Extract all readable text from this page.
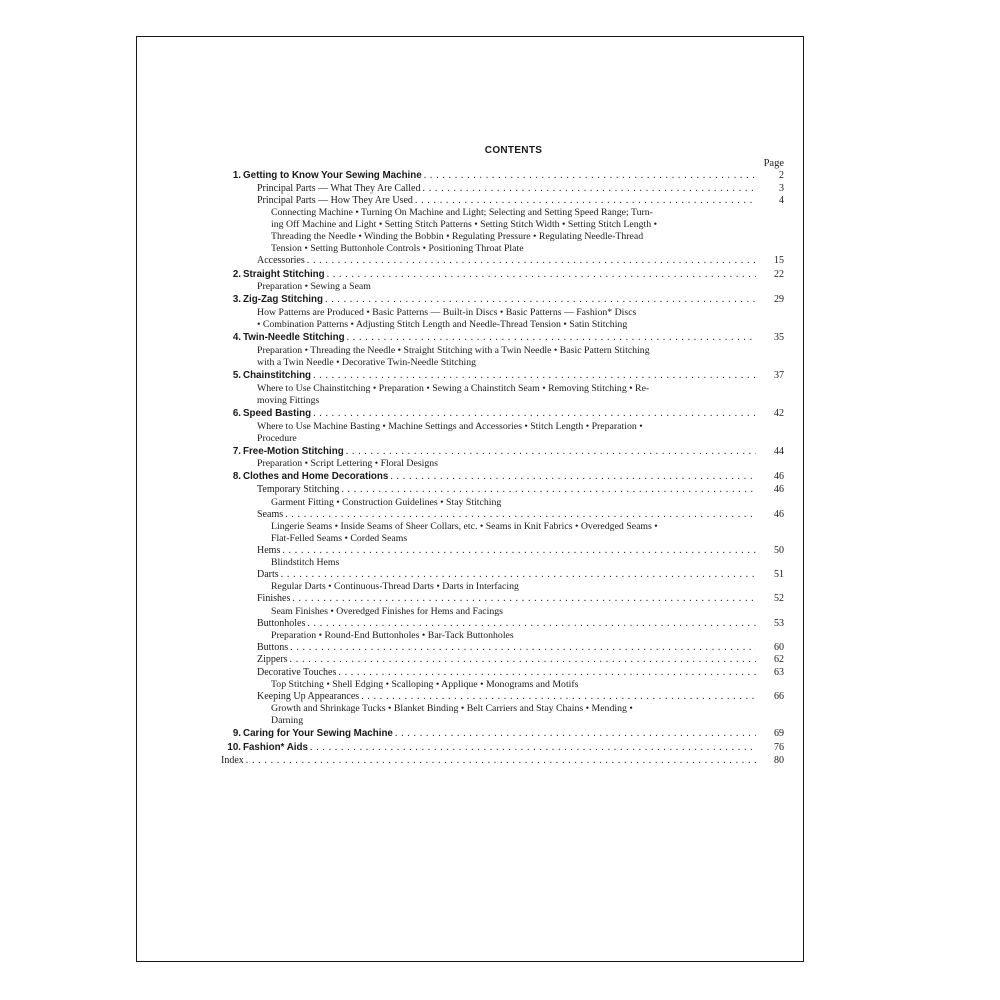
CONTENTS
Page
1. Getting to Know Your Sewing Machine . . .	2
Principal Parts — What They Are Called . . .	3
Principal Parts — How They Are Used . . .	4
Connecting Machine • Turning On Machine and Light; Selecting and Setting Speed Range; Turn-
ing Off Machine and Light • Setting Stitch Patterns • Setting Stitch Width • Setting Stitch Length •
Threading the Needle • Winding the Bobbin • Regulating Pressure • Regulating Needle-Thread
Tension • Setting Buttonhole Controls • Positioning Throat Plate
Accessories . . .	15
2. Straight Stitching . . .	22
Preparation • Sewing a Seam
3. Zig-Zag Stitching . . .	29
How Patterns are Produced • Basic Patterns — Built-in Discs • Basic Patterns — Fashion* Discs
• Combination Patterns • Adjusting Stitch Length and Needle-Thread Tension • Satin Stitching
4. Twin-Needle Stitching . . .	35
Preparation • Threading the Needle • Straight Stitching with a Twin Needle • Basic Pattern Stitching
with a Twin Needle • Decorative Twin-Needle Stitching
5. Chainstitching . . .	37
Where to Use Chainstitching • Preparation • Sewing a Chainstitch Seam • Removing Stitching • Re-
moving Fittings
6. Speed Basting . . .	42
Where to Use Machine Basting • Machine Settings and Accessories • Stitch Length • Preparation •
Procedure
7. Free-Motion Stitching . . .	44
Preparation • Script Lettering • Floral Designs
8. Clothes and Home Decorations . . .	46
Temporary Stitching . . .	46
Garment Fitting • Construction Guidelines • Stay Stitching
Seams . . .	46
Lingerie Seams • Inside Seams of Sheer Collars, etc. • Seams in Knit Fabrics • Overedged Seams •
Flat-Felled Seams • Corded Seams
Hems . . .	50
Blindstitch Hems
Darts . . .	51
Regular Darts • Continuous-Thread Darts • Darts in Interfacing
Finishes . . .	52
Seam Finishes • Overedged Finishes for Hems and Facings
Buttonholes . . .	53
Preparation • Round-End Buttonholes • Bar-Tack Buttonholes
Buttons . . .	60
Zippers . . .	62
Decorative Touches . . .	63
Top Stitching • Shell Edging • Scalloping • Applique • Monograms and Motifs
Keeping Up Appearances . . .	66
Growth and Shrinkage Tucks • Blanket Binding • Belt Carriers and Stay Chains • Mending •
Darning
9. Caring for Your Sewing Machine . . .	69
10. Fashion* Aids . . .	76
Index . . .	80
